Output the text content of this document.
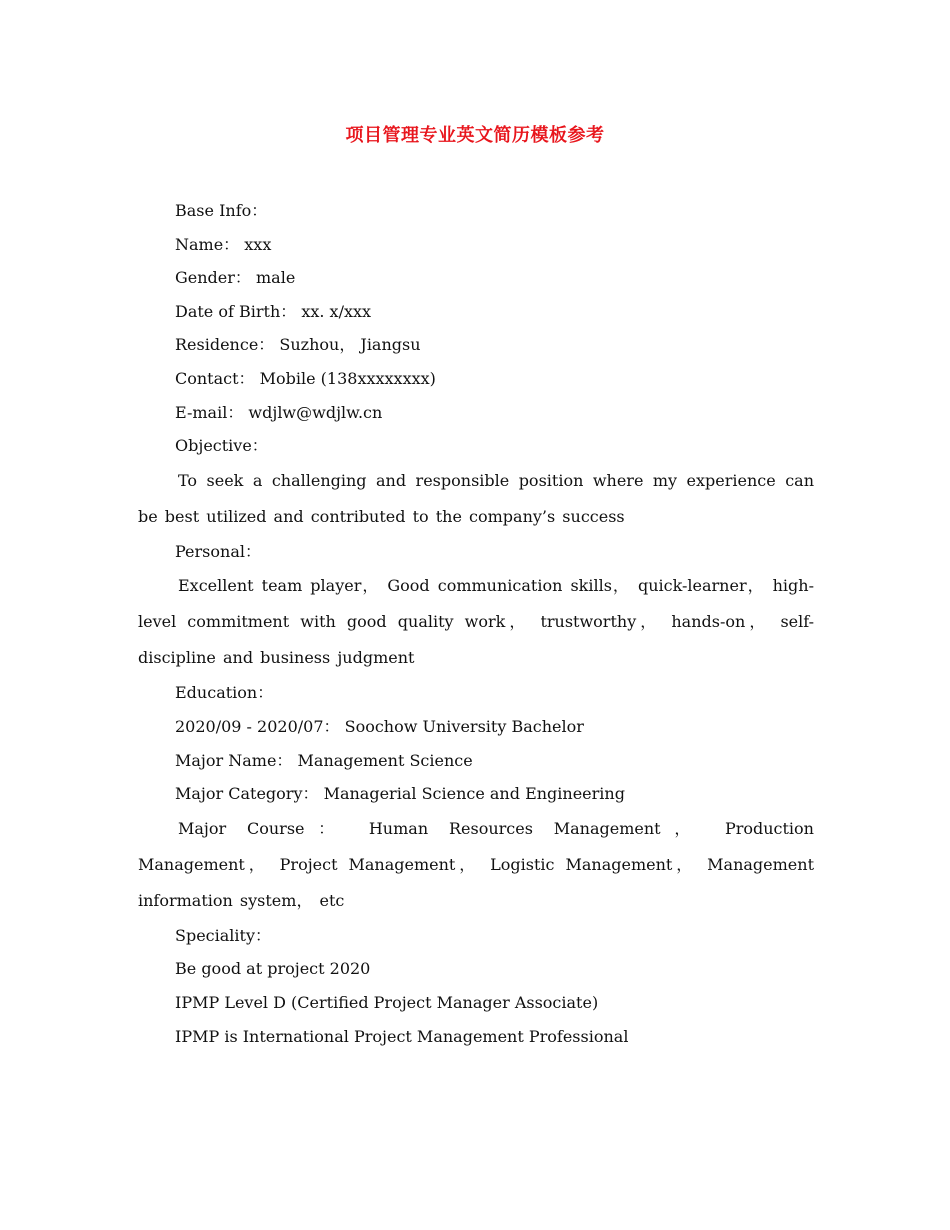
项目管理专业英文简历模板参考
Base Info：
Name： xxx
Gender： male
Date of Birth： xx. x/xxx
Residence： Suzhou， Jiangsu
Contact： Mobile (138xxxxxxxx)
E-mail： wdjlw@wdjlw.cn
Objective：
To seek a challenging and responsible position where my experience can be best utilized and contributed to the company’s success
Personal：
Excellent team player， Good communication skills， quick-learner， high-level commitment with good quality work， trustworthy， hands-on， self-discipline and business judgment
Education：
2020/09 - 2020/07： Soochow University Bachelor
Major Name： Management Science
Major Category： Managerial Science and Engineering
Major Course： Human Resources Management， Production Management， Project Management， Logistic Management， Management information system， etc
Speciality：
Be good at project 2020
IPMP Level D (Certified Project Manager Associate)
IPMP is International Project Management Professional
